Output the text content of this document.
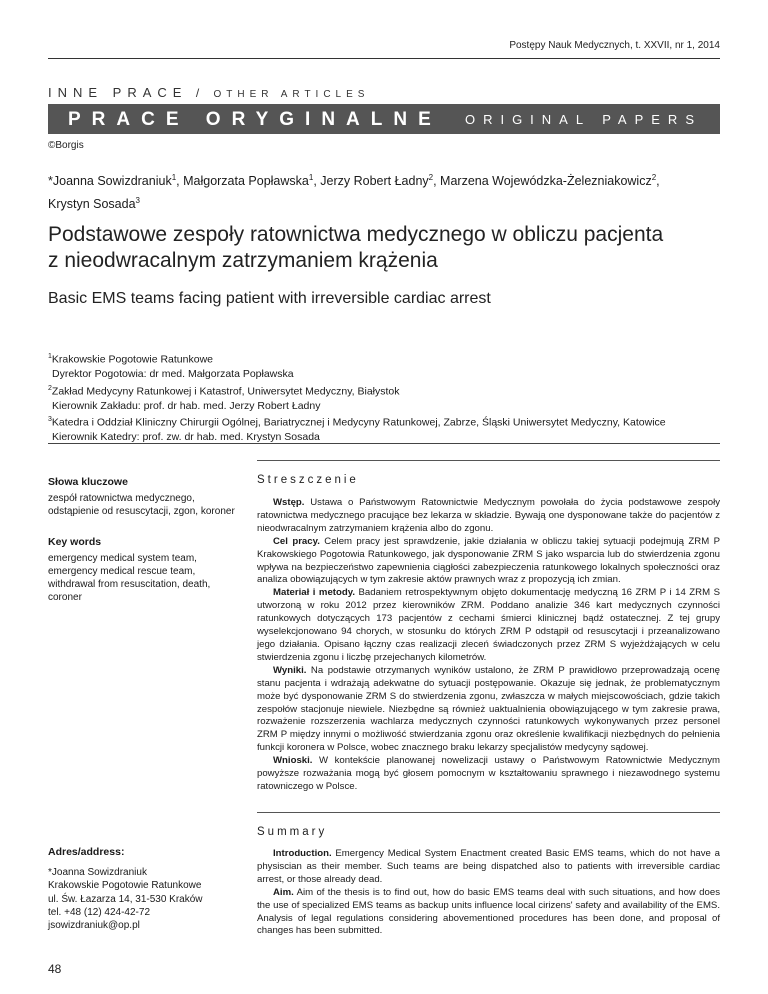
Postępy Nauk Medycznych, t. XXVII, nr 1, 2014
INNE PRACE / OTHER ARTICLES
PRACE ORYGINALNE ORIGINAL PAPERS
©Borgis
*Joanna Sowizdraniuk$^1$, Małgorzata Popławska$^1$, Jerzy Robert Ładny$^2$, Marzena Wojewódzka-Żelezniakowicz$^2$,
Krystyn Sosada$^3$
Podstawowe zespoły ratownictwa medycznego w obliczu pacjenta
z nieodwracalnym zatrzymaniem krążenia
Basic EMS teams facing patient with irreversible cardiac arrest
$^1$Krakowskie Pogotowie Ratunkowe
Dyrektor Pogotowia: dr med. Małgorzata Popławska
$^2$Zakład Medycyny Ratunkowej i Katastrof, Uniwersytet Medyczny, Białystok
Kierownik Zakładu: prof. dr hab. med. Jerzy Robert Ładny
$^3$Katedra i Oddział Kliniczny Chirurgii Ogólnej, Bariatrycznej i Medycyny Ratunkowej, Zabrze, Śląski Uniwersytet Medyczny, Katowice
Kierownik Katedry: prof. zw. dr hab. med. Krystyn Sosada
Słowa kluczowe
zespół ratownictwa medycznego, odstąpienie od resuscytacji, zgon, koroner
Key words
emergency medical system team, emergency medical rescue team, withdrawal from resuscitation, death, coroner
Adres/address:
*Joanna Sowizdraniuk
Krakowskie Pogotowie Ratunkowe
ul. Św. Łazarza 14, 31-530 Kraków
tel. +48 (12) 424-42-72
jsowizdraniuk@op.pl
48
Streszczenie

Wstęp. Ustawa o Państwowym Ratownictwie Medycznym powołała do życia podstawowe zespoły ratownictwa medycznego pracujące bez lekarza w składzie. Bywają one dysponowane także do pacjentów z nieodwracalnym zatrzymaniem krążenia albo do zgonu.

Cel pracy. Celem pracy jest sprawdzenie, jakie działania w obliczu takiej sytuacji podejmują ZRM P Krakowskiego Pogotowia Ratunkowego, jak dysponowanie ZRM S jako wsparcia lub do stwierdzenia zgonu wpływa na bezpieczeństwo zapewnienia ciągłości zabezpieczenia ratunkowego lokalnych społeczności oraz analiza obowiązujących w tym zakresie aktów prawnych wraz z propozycją ich zmian.

Materiał i metody. Badaniem retrospektywnym objęto dokumentację medyczną 16 ZRM P i 14 ZRM S utworzoną w roku 2012 przez kierowników ZRM. Poddano analizie 346 kart medycznych czynności ratunkowych dotyczących 173 pacjentów z cechami śmierci klinicznej bądź ostatecznej. Z tej grupy wyselekcjonowano 94 chorych, w stosunku do których ZRM P odstąpił od resuscytacji i przeanalizowano jego działania. Opisano łączny czas realizacji zleceń świadczonych przez ZRM S wyjeżdżających w celu stwierdzenia zgonu i liczbę przejechanych kilometrów.

Wyniki. Na podstawie otrzymanych wyników ustalono, że ZRM P prawidłowo przeprowadzają ocenę stanu pacjenta i wdrażają adekwatne do sytuacji postępowanie. Okazuje się jednak, że problematycznym może być dysponowanie ZRM S do stwierdzenia zgonu, zwłaszcza w małych miejscowościach, gdzie takich zespołów stacjonuje niewiele. Niezbędne są również uaktualnienia obowiązującego w tym zakresie prawa, rozważenie rozszerzenia wachlarza medycznych czynności ratunkowych wykonywanych przez personel ZRM P między innymi o możliwość stwierdzania zgonu oraz określenie kwalifikacji niezbędnych do pełnienia funkcji koronera w Polsce, wobec znacznego braku lekarzy specjalistów medycyny sądowej.

Wnioski. W kontekście planowanej nowelizacji ustawy o Państwowym Ratownictwie Medycznym powyższe rozważania mogą być głosem pomocnym w kształtowaniu sprawnego i niezawodnego systemu ratowniczego w Polsce.

Summary

Introduction. Emergency Medical System Enactment created Basic EMS teams, which do not have a physiscian as their member. Such teams are being dispatched also to patients with irreversible cardiac arrest, or those already dead.

Aim. Aim of the thesis is to find out, how do basic EMS teams deal with such situations, and how does the use of specialized EMS teams as backup units influence local cirizens' safety and availability of the EMS. Analysis of legal regulations considering abovementioned procedures has been done, and proposal of changes has been submitted.
